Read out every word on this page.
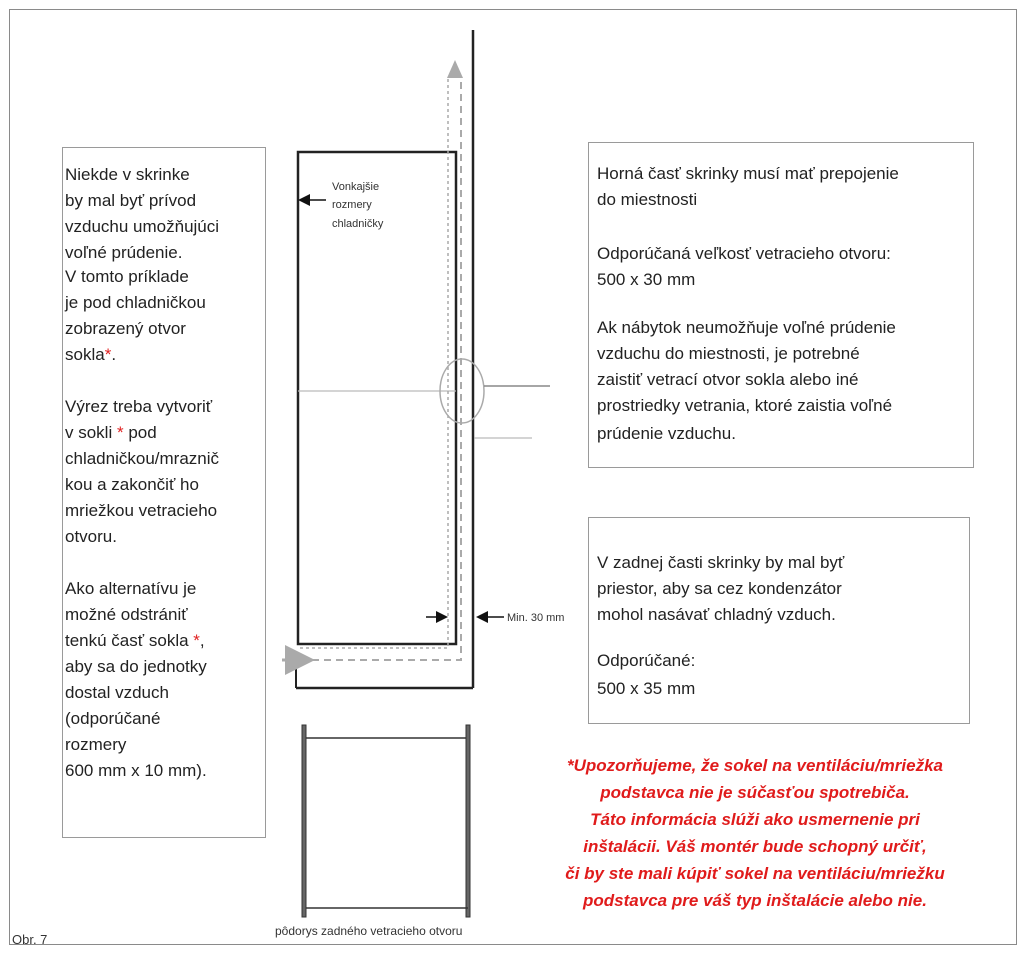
Vonkajšie
rozmery
chladničky
Min. 30 mm
pôdorys zadného vetracieho otvoru

Niekde v skrinke

by mal byť prívod

vzduchu umožňujúci

voľné prúdenie.

V tomto príklade

je pod chladničkou

zobrazený otvor

sokla*.

Výrez treba vytvoriť

v sokli * pod

chladničkou/mraznič

kou a zakončiť ho

mriežkou vetracieho

otvoru.

Ako alternatívu je

možné odstrániť

tenkú časť sokla *,

aby sa do jednotky

dostal vzduch

(odporúčané

rozmery

600 mm x 10 mm).

Horná časť skrinky musí mať prepojenie

do miestnosti

Odporúčaná veľkosť vetracieho otvoru:

500 x 30 mm

Ak nábytok neumožňuje voľné prúdenie

vzduchu do miestnosti, je potrebné

zaistiť vetrací otvor sokla alebo iné

prostriedky vetrania, ktoré zaistia voľné

prúdenie vzduchu.

V zadnej časti skrinky by mal byť

priestor, aby sa cez kondenzátor

mohol nasávať chladný vzduch.

Odporúčané:

500 x 35 mm

*Upozorňujeme, že sokel na ventiláciu/mriežka
podstavca nie je súčasťou spotrebiča.
Táto informácia slúži ako usmernenie pri
inštalácii. Váš montér bude schopný určiť,
či by ste mali kúpiť sokel na ventiláciu/mriežku
podstavca pre váš typ inštalácie alebo nie.
Obr. 7
